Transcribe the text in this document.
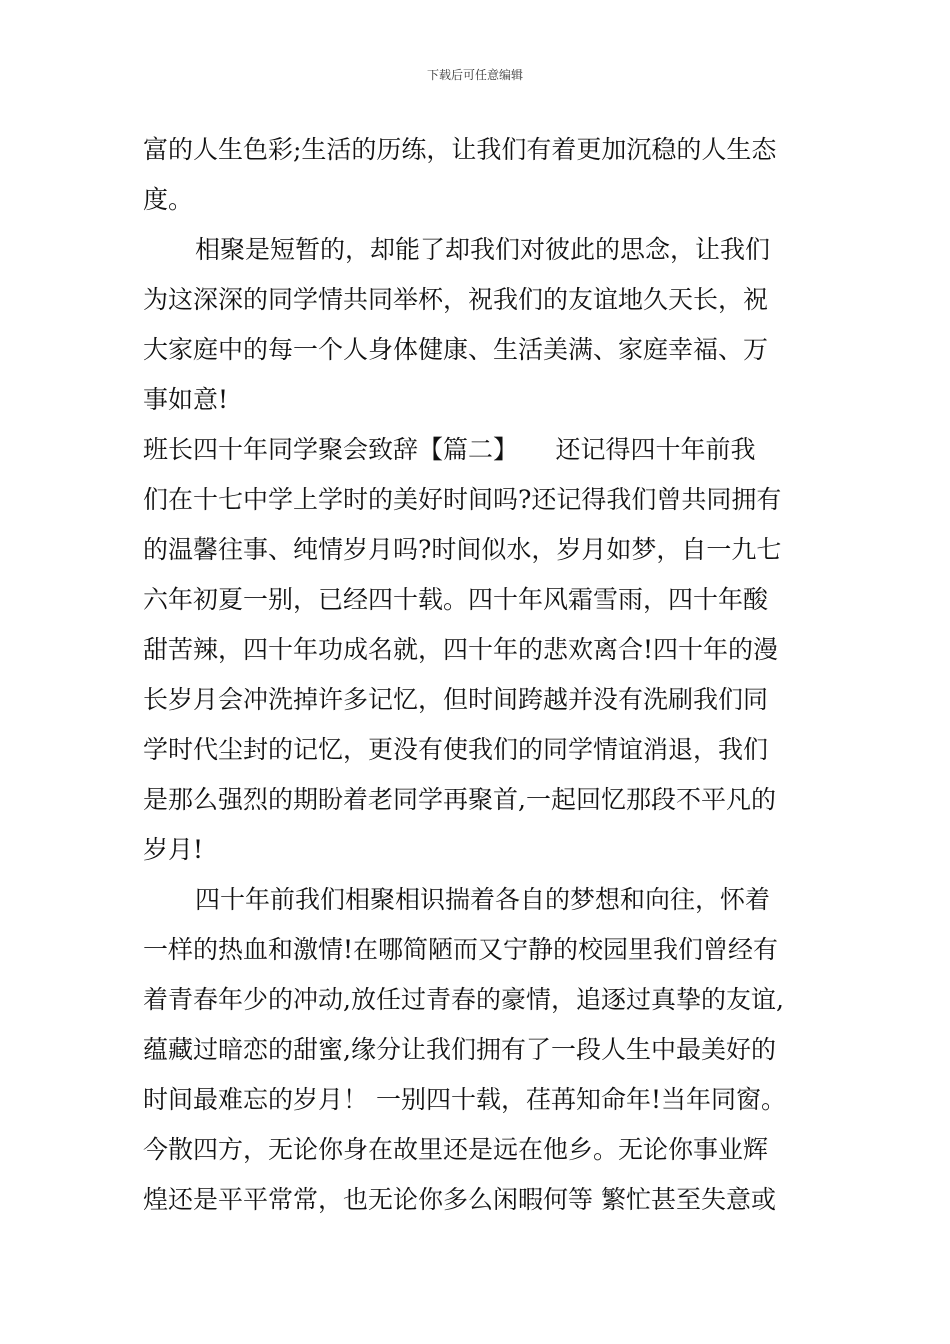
下载后可任意编辑
富的人生色彩;生活的历练，让我们有着更加沉稳的人生态
度。
相聚是短暂的，却能了却我们对彼此的思念，让我们
为这深深的同学情共同举杯，祝我们的友谊地久天长，祝
大家庭中的每一个人身体健康、生活美满、家庭幸福、万
事如意!
班长四十年同学聚会致辞【篇二】　　还记得四十年前我
们在十七中学上学时的美好时间吗?还记得我们曾共同拥有
的温馨往事、纯情岁月吗?时间似水，岁月如梦，自一九七
六年初夏一别，已经四十载。四十年风霜雪雨，四十年酸
甜苦辣，四十年功成名就，四十年的悲欢离合!四十年的漫
长岁月会冲洗掉许多记忆，但时间跨越并没有洗刷我们同
学时代尘封的记忆，更没有使我们的同学情谊消退，我们
是那么强烈的期盼着老同学再聚首,一起回忆那段不平凡的
岁月!
四十年前我们相聚相识揣着各自的梦想和向往，怀着
一样的热血和激情!在哪简陋而又宁静的校园里我们曾经有
着青春年少的冲动,放任过青春的豪情，追逐过真挚的友谊,
蕴藏过暗恋的甜蜜,缘分让我们拥有了一段人生中最美好的
时间最难忘的岁月！ 一别四十载，荏苒知命年!当年同窗。
今散四方，无论你身在故里还是远在他乡。无论你事业辉
煌还是平平常常，也无论你多么闲暇何等 繁忙甚至失意或
